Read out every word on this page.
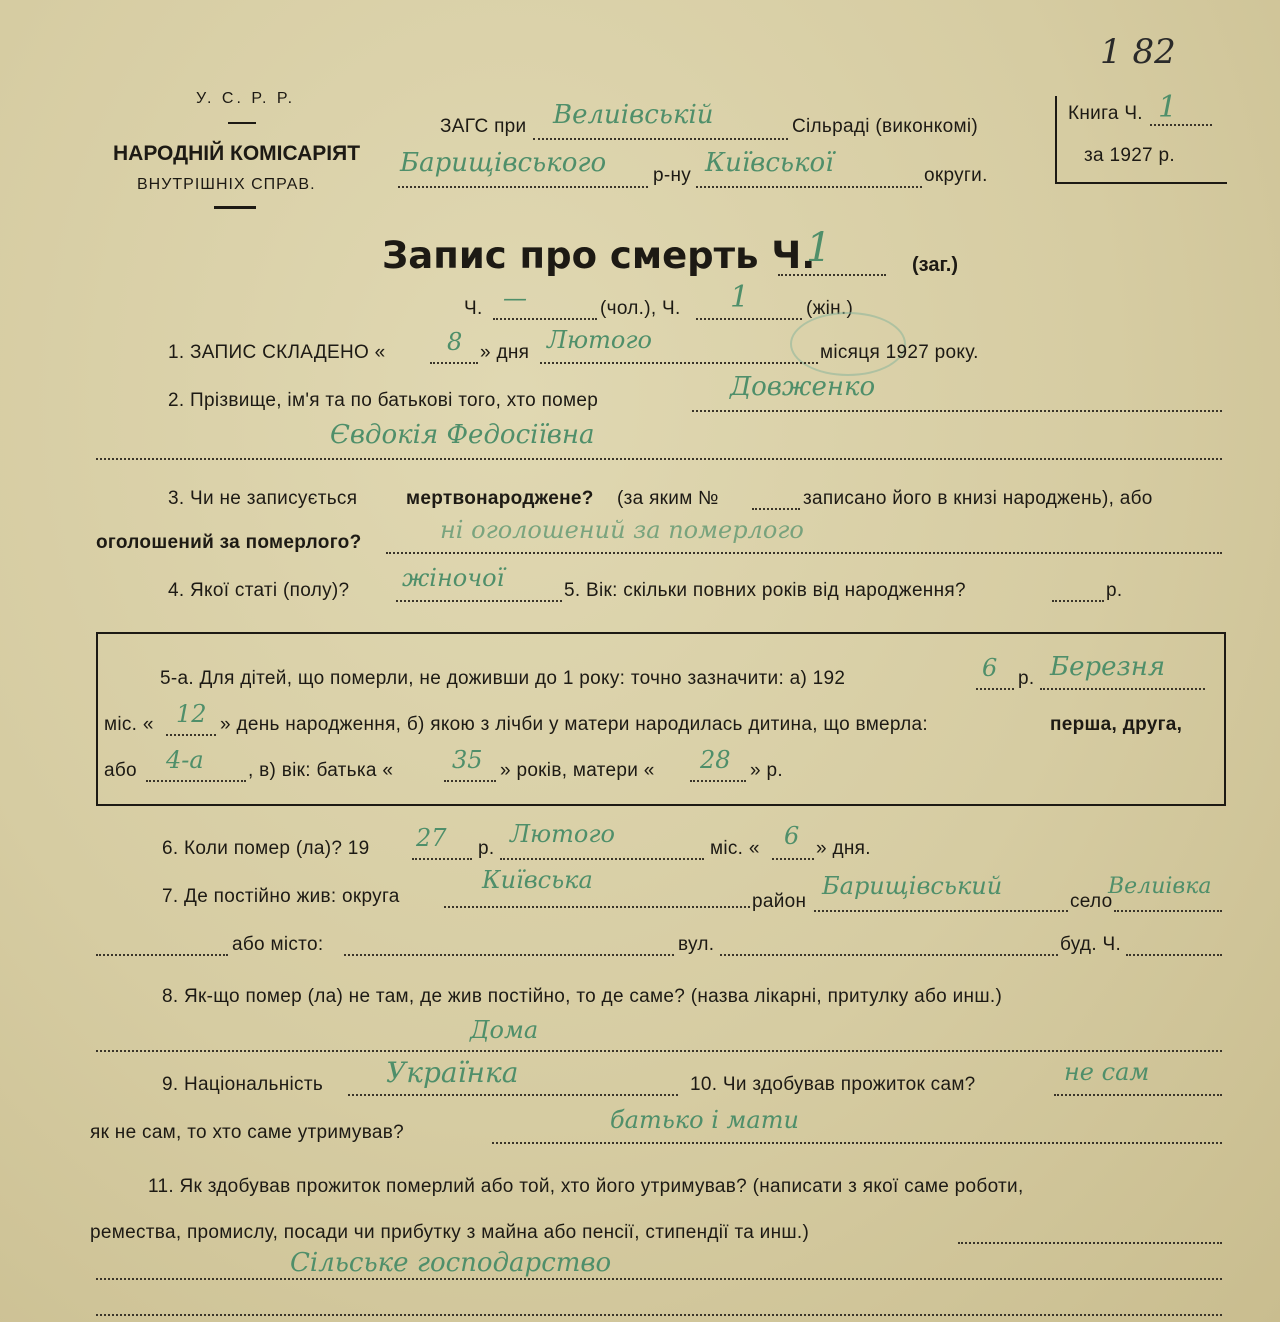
У. С. Р. Р.
НАРОДНІЙ КОМІСАРІЯТ
ВНУТРІШНІХ СПРАВ.
ЗАГС при Велиівській	Сільраді (виконкомі)
Барищівського р-ну Київської	округи.
Книга Ч. 1
за 1927 р.
1 82
Запис про смерть Ч.
1	(заг.)
Ч. —	(чол.), Ч. 1	(жін.)
1. ЗАПИС СКЛАДЕНО «	8 » дня Лютого	місяця 1927 року.
2. Прізвище, ім'я та по батькові того, хто помер	Довженко
Євдокія Федосіївна
3. Чи не записується	мертвонароджене? (за яким №	записано його в книзі народжень), або
оголошений за померлого?	ні оголошений за померлого
4. Якої статі (полу)? жіночої	5. Вік: скільки повних років від народження?	р.
5-а. Для дітей, що померли, не доживши до 1 року: точно зазначити: а) 192	6 р. Березня
міс. « 12 » день народження, б) якою з лічби у матери народилась дитина, що вмерла:	перша, друга,
або 4-а , в) вік: батька « 35 » років, матери « 28 » р.
6. Коли помер (ла)? 19 27 р.
Лютого
міс. « 6 » дня.
7. Де постійно жив: округа
Київська
район
Барищівський
село
Велиівка
або місто:	вул.	буд. Ч.
8. Як-що помер (ла) не там, де жив постійно, то де саме? (назва лікарні, притулку або инш.)
Дома
9. Національність Українка	10. Чи здобував прожиток сам?	не сам
як не сам, то хто саме утримував?	батько і мати
11. Як здобував прожиток померлий або той, хто його утримував? (написати з якої саме роботи,
ремества, промислу, посади чи прибутку з майна або пенсії, стипендії та инш.)
Сільське господарство
